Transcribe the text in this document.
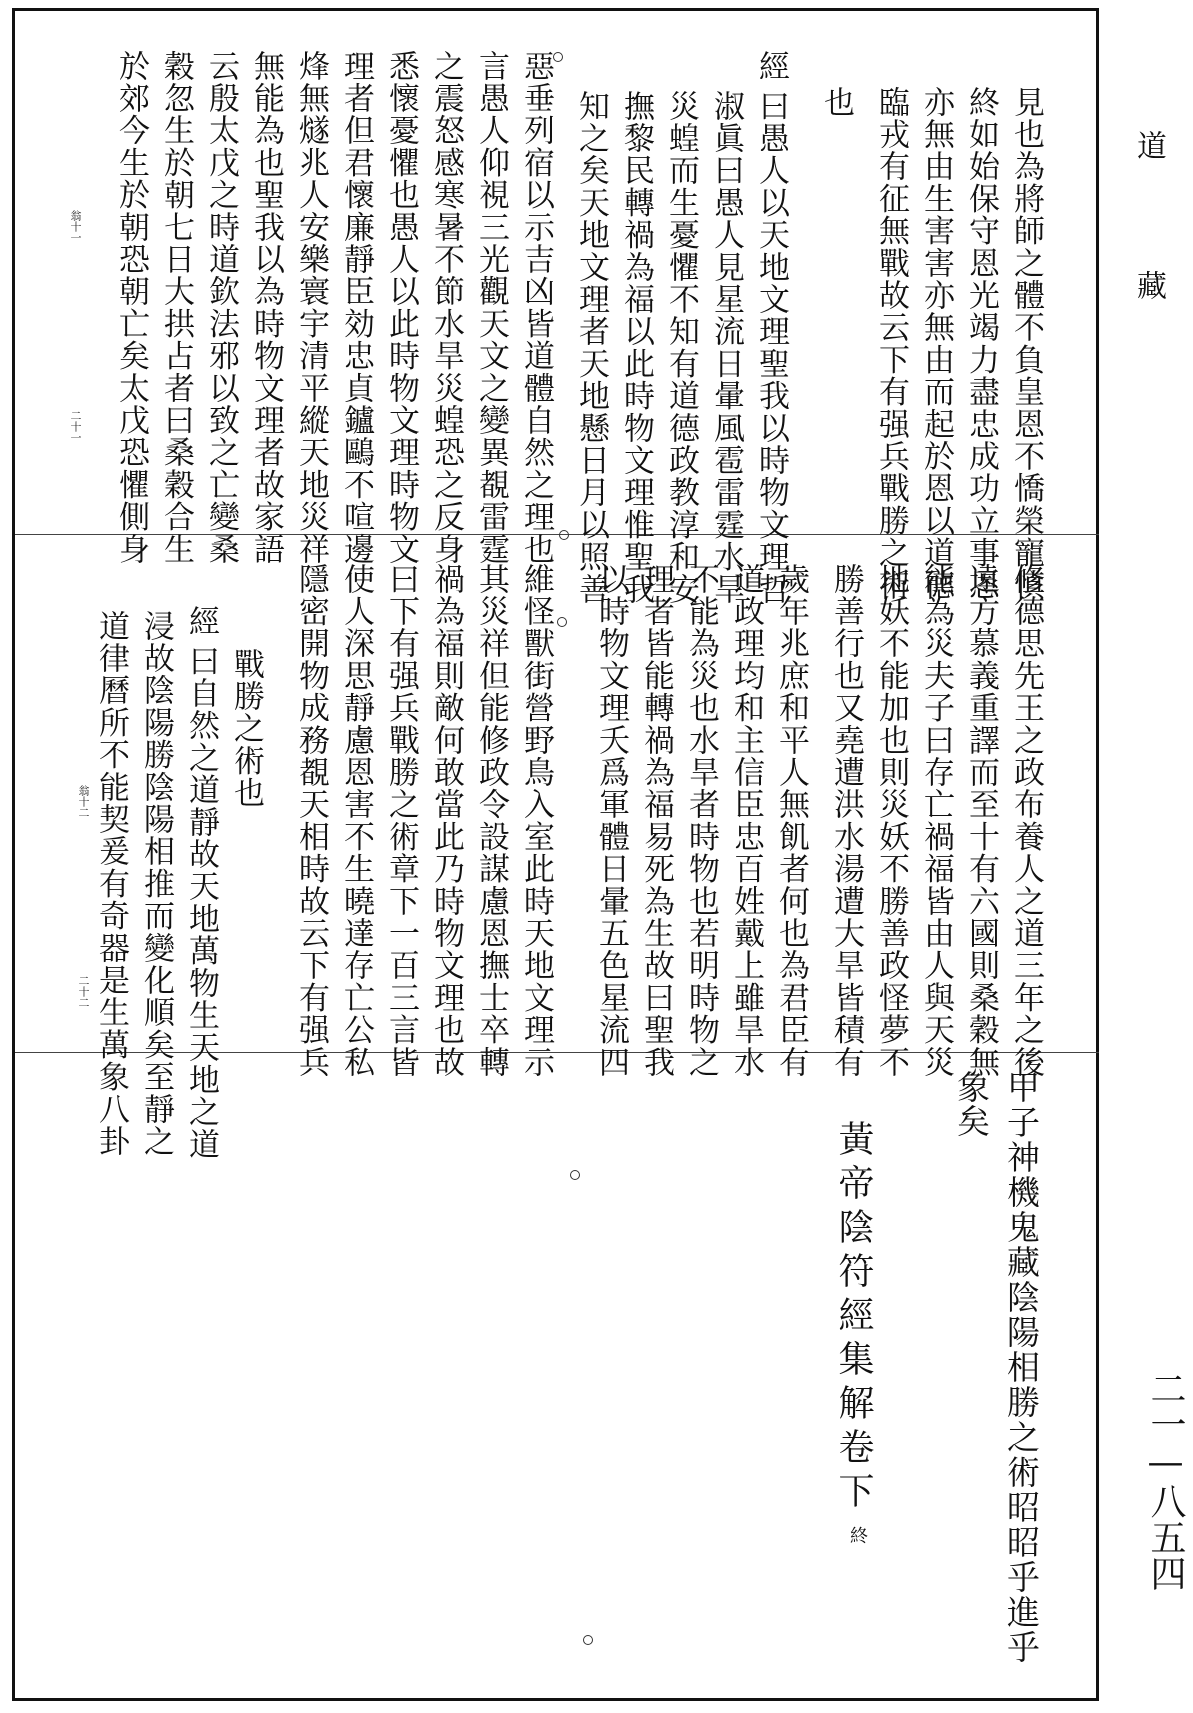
道
藏
二一—八五四
見也為將師之體不負皇恩不憍榮寵慎
終如始保守恩光竭力盡忠成功立事恩
亦無由生害害亦無由而起於恩以道德
臨戎有征無戰故云下有强兵戰勝之術
也
經
曰愚人以天地文理聖我以時物文理哲
淑眞曰愚人見星流日暈風雹雷霆水旱
災蝗而生憂懼不知有道德政教淳和安
撫黎民轉禍為福以此時物文理惟聖我
知之矣天地文理者天地懸日月以照善
惡垂列宿以示吉凶皆道體自然之理也
言愚人仰視三光觀天文之變異覩雷霆
之震怒感寒暑不節水旱災蝗恐之反身
悉懷憂懼也愚人以此時物文理時物文
理者但君懷廉靜臣効忠貞鑪鷗不喧邊
烽無燧兆人安樂寰宇清平縱天地災祥
無能為也聖我以為時物文理者故家語
云殷太戊之時道欽法邪以致之亡變桑
穀忽生於朝七日大拱占者曰桑穀合生
於郊今生於朝恐朝亡矣太戊恐懼側身
翁十一
二十一
修德思先王之政布養人之道三年之後
遠方慕義重譯而至十有六國則桑穀無
能為災夫子曰存亡禍福皆由人與天災
地妖不能加也則災妖不勝善政怪夢不
勝善行也又堯遭洪水湯遭大旱皆積有
歲年兆庶和平人無飢者何也為君臣有
道政理均和主信臣忠百姓戴上雖旱水
不能為災也水旱者時物也若明時物之
理者皆能轉禍為福易死為生故曰聖我
以時物文理夭爲軍體日暈五色星流四
維怪獸街營野鳥入室此時天地文理示
其災祥但能修政令設謀慮恩撫士卒轉
禍為福則敵何敢當此乃時物文理也故
曰下有强兵戰勝之術章下一百三言皆
使人深思靜慮恩害不生曉達存亡公私
隱密開物成務覩天相時故云下有强兵
戰勝之術也
經
曰自然之道靜故天地萬物生天地之道
浸故陰陽勝陰陽相推而變化順矣至靜之
道律曆所不能契爰有奇器是生萬象八卦
翁十二
二十二
甲子神機鬼藏陰陽相勝之術昭昭乎進乎
象矣
黃帝陰符經集解卷下
終
